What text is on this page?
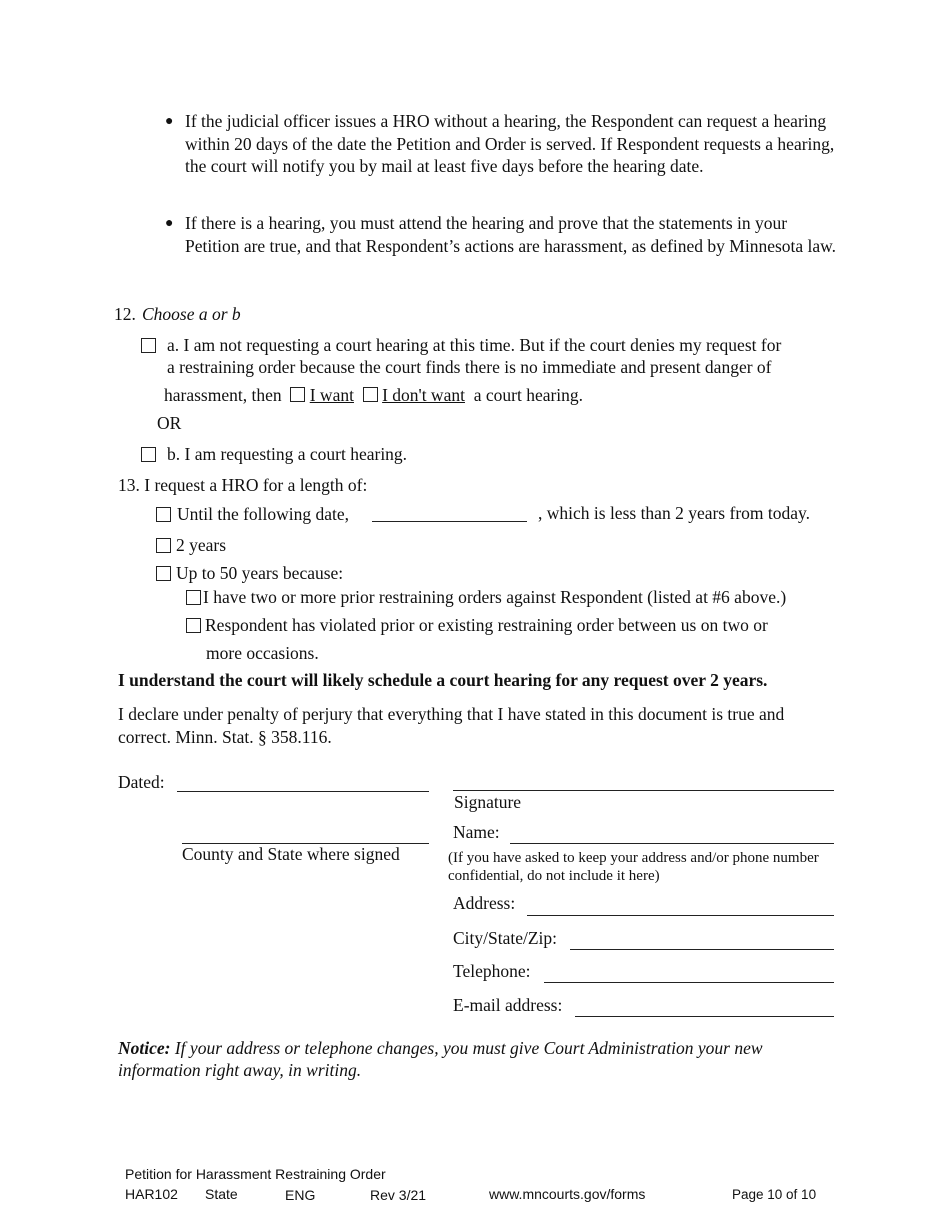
● If the judicial officer issues a HRO without a hearing, the Respondent can request a hearing within 20 days of the date the Petition and Order is served. If Respondent requests a hearing, the court will notify you by mail at least five days before the hearing date.
● If there is a hearing, you must attend the hearing and prove that the statements in your Petition are true, and that Respondent’s actions are harassment, as defined by Minnesota law.
12. Choose a or b
a. I am not requesting a court hearing at this time. But if the court denies my request for
a restraining order because the court finds there is no immediate and present danger of
harassment, then I want I don't want a court hearing.
OR
b. I am requesting a court hearing.
13. I request a HRO for a length of:
Until the following date,	, which is less than 2 years from today.
2 years
Up to 50 years because:
I have two or more prior restraining orders against Respondent (listed at #6 above.)
Respondent has violated prior or existing restraining order between us on two or
more occasions.
I understand the court will likely schedule a court hearing for any request over 2 years.
I declare under penalty of perjury that everything that I have stated in this document is true and
correct. Minn. Stat. § 358.116.
Dated:
County and State where signed
Signature
Name:
(If you have asked to keep your address and/or phone number
confidential, do not include it here)
Address:
City/State/Zip:
Telephone:
E-mail address:
Notice: If your address or telephone changes, you must give Court Administration your new
information right away, in writing.
Petition for Harassment Restraining Order
HAR102 State	ENG	Rev 3/21	www.mncourts.gov/forms	Page 10 of 10
